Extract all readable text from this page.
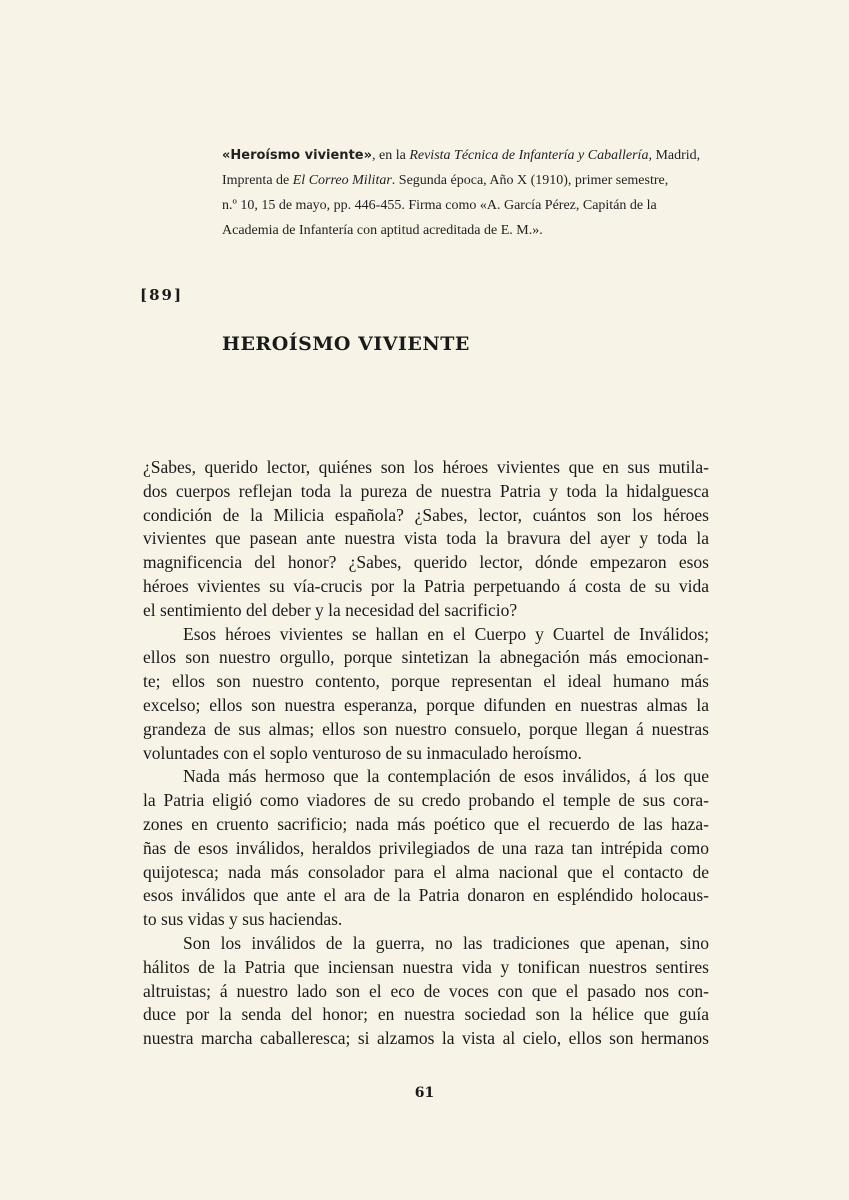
«Heroísmo viviente», en la Revista Técnica de Infantería y Caballería, Madrid,
Imprenta de El Correo Militar. Segunda época, Año X (1910), primer semestre,
n.º 10, 15 de mayo, pp. 446-455. Firma como «A. García Pérez, Capitán de la
Academia de Infantería con aptitud acreditada de E. M.».
[89]
HEROÍSMO VIVIENTE
¿Sabes, querido lector, quiénes son los héroes vivientes que en sus mutila-
dos cuerpos reflejan toda la pureza de nuestra Patria y toda la hidalguesca
condición de la Milicia española? ¿Sabes, lector, cuántos son los héroes
vivientes que pasean ante nuestra vista toda la bravura del ayer y toda la
magnificencia del honor? ¿Sabes, querido lector, dónde empezaron esos
héroes vivientes su vía-crucis por la Patria perpetuando á costa de su vida
el sentimiento del deber y la necesidad del sacrificio?
Esos héroes vivientes se hallan en el Cuerpo y Cuartel de Inválidos;
ellos son nuestro orgullo, porque sintetizan la abnegación más emocionan-
te; ellos son nuestro contento, porque representan el ideal humano más
excelso; ellos son nuestra esperanza, porque difunden en nuestras almas la
grandeza de sus almas; ellos son nuestro consuelo, porque llegan á nuestras
voluntades con el soplo venturoso de su inmaculado heroísmo.
Nada más hermoso que la contemplación de esos inválidos, á los que
la Patria eligió como viadores de su credo probando el temple de sus cora-
zones en cruento sacrificio; nada más poético que el recuerdo de las haza-
ñas de esos inválidos, heraldos privilegiados de una raza tan intrépida como
quijotesca; nada más consolador para el alma nacional que el contacto de
esos inválidos que ante el ara de la Patria donaron en espléndido holocaus-
to sus vidas y sus haciendas.
Son los inválidos de la guerra, no las tradiciones que apenan, sino
hálitos de la Patria que inciensan nuestra vida y tonifican nuestros sentires
altruistas; á nuestro lado son el eco de voces con que el pasado nos con-
duce por la senda del honor; en nuestra sociedad son la hélice que guía
nuestra marcha caballeresca; si alzamos la vista al cielo, ellos son hermanos
61
